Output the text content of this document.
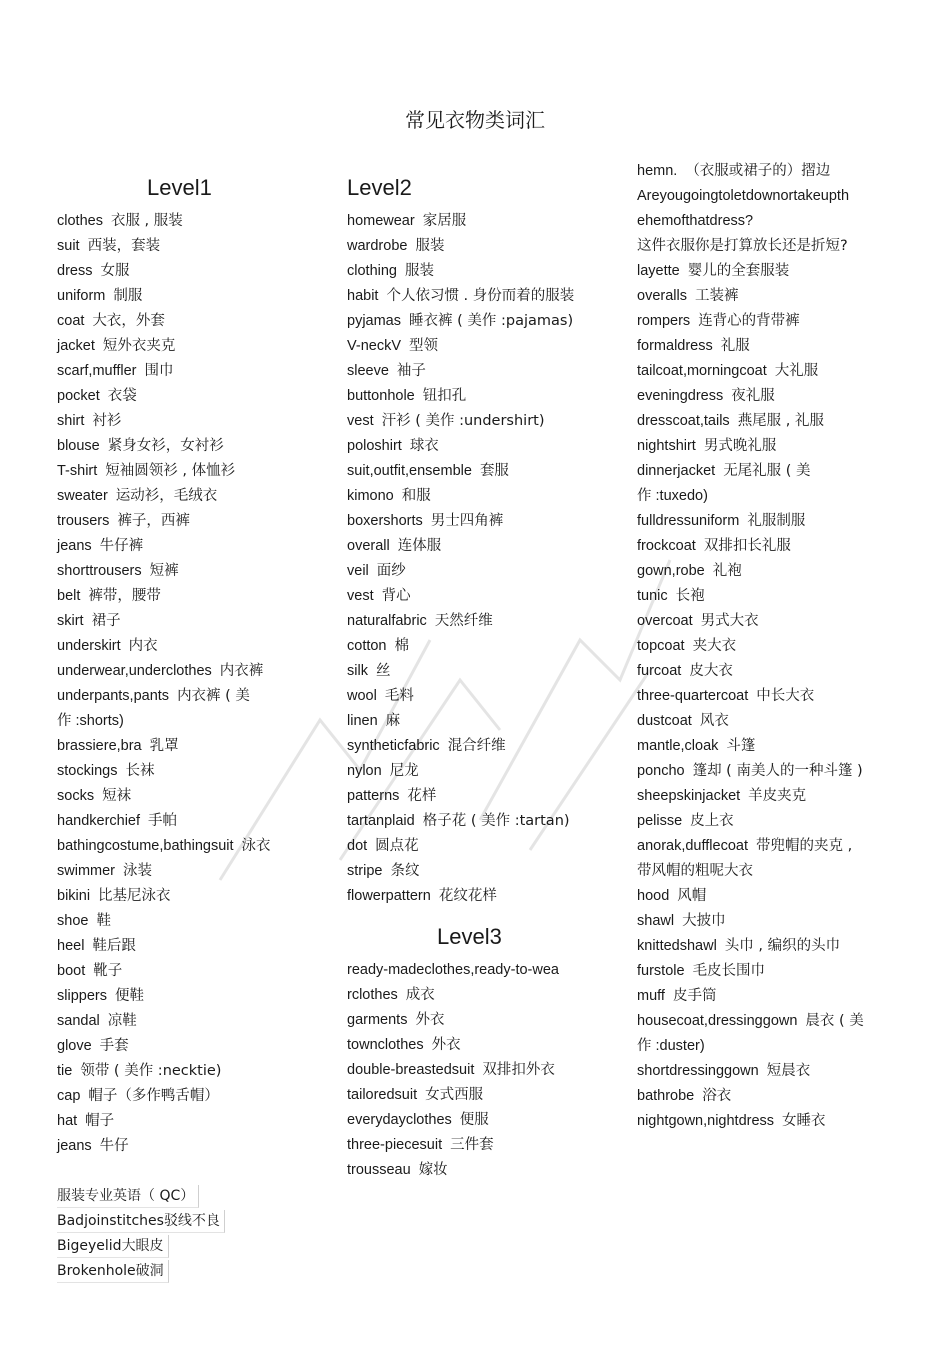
常见衣物类词汇
Level1
clothes 衣服 , 服装
suit 西装，套装
dress 女服
uniform 制服
coat 大衣，外套
jacket 短外衣夹克
scarf,muffler 围巾
pocket 衣袋
shirt 衬衫
blouse 紧身女衫，女衬衫
T-shirt 短袖圆领衫 , 体恤衫
sweater 运动衫，毛绒衣
trousers 裤子，西裤
jeans 牛仔裤
shorttrousers 短裤
belt 裤带，腰带
skirt 裙子
underskirt 内衣
underwear,underclothes 内衣裤
underpants,pants 内衣裤 ( 美
作 :shorts)
brassiere,bra 乳罩
stockings 长袜
socks 短袜
handkerchief 手帕
bathingcostume,bathingsuit 泳衣
swimmer 泳装
bikini 比基尼泳衣
shoe 鞋
heel 鞋后跟
boot 靴子
slippers 便鞋
sandal 凉鞋
glove 手套
tie 领带 ( 美作 :necktie)
cap 帽子（多作鸭舌帽）
hat 帽子
jeans 牛仔
Level2
homewear 家居服
wardrobe 服装
clothing 服装
habit 个人依习惯 . 身份而着的服装
pyjamas 睡衣裤 ( 美作 :pajamas)
V-neckV 型领
sleeve 袖子
buttonhole 钮扣孔
vest 汗衫 ( 美作 :undershirt)
poloshirt 球衣
suit,outfit,ensemble 套服
kimono 和服
boxershorts 男士四角裤
overall 连体服
veil 面纱
vest 背心
naturalfabric 天然纤维
cotton 棉
silk 丝
wool 毛料
linen 麻
syntheticfabric 混合纤维
nylon 尼龙
patterns 花样
tartanplaid 格子花 ( 美作 :tartan)
dot 圆点花
stripe 条纹
flowerpattern 花纹花样
Level3
ready-madeclothes,ready-to-wea
rclothes 成衣
garments 外衣
townclothes 外衣
double-breastedsuit 双排扣外衣
tailoredsuit 女式西服
everydayclothes 便服
three-piecesuit 三件套
trousseau 嫁妆
hemn. （衣服或裙子的）摺边
Areyougoingtoletdownortakeupth
ehemofthatdress?
这件衣服你是打算放长还是折短?
layette 婴儿的全套服装
overalls 工装裤
rompers 连背心的背带裤
formaldress 礼服
tailcoat,morningcoat 大礼服
eveningdress 夜礼服
dresscoat,tails 燕尾服 , 礼服
nightshirt 男式晚礼服
dinnerjacket 无尾礼服 ( 美
作 :tuxedo)
fulldressuniform 礼服制服
frockcoat 双排扣长礼服
gown,robe 礼袍
tunic 长袍
overcoat 男式大衣
topcoat 夹大衣
furcoat 皮大衣
three-quartercoat 中长大衣
dustcoat 风衣
mantle,cloak 斗篷
poncho 篷却 ( 南美人的一种斗篷 )
sheepskinjacket 羊皮夹克
pelisse 皮上衣
anorak,dufflecoat 带兜帽的夹克 ,
带风帽的粗呢大衣
hood 风帽
shawl 大披巾
knittedshawl 头巾 , 编织的头巾
furstole 毛皮长围巾
muff 皮手筒
housecoat,dressinggown 晨衣 ( 美
作 :duster)
shortdressinggown 短晨衣
bathrobe 浴衣
nightgown,nightdress 女睡衣
服装专业英语（ QC）
Badjoinstitches驳线不良
Bigeyelid大眼皮
Brokenhole破洞
